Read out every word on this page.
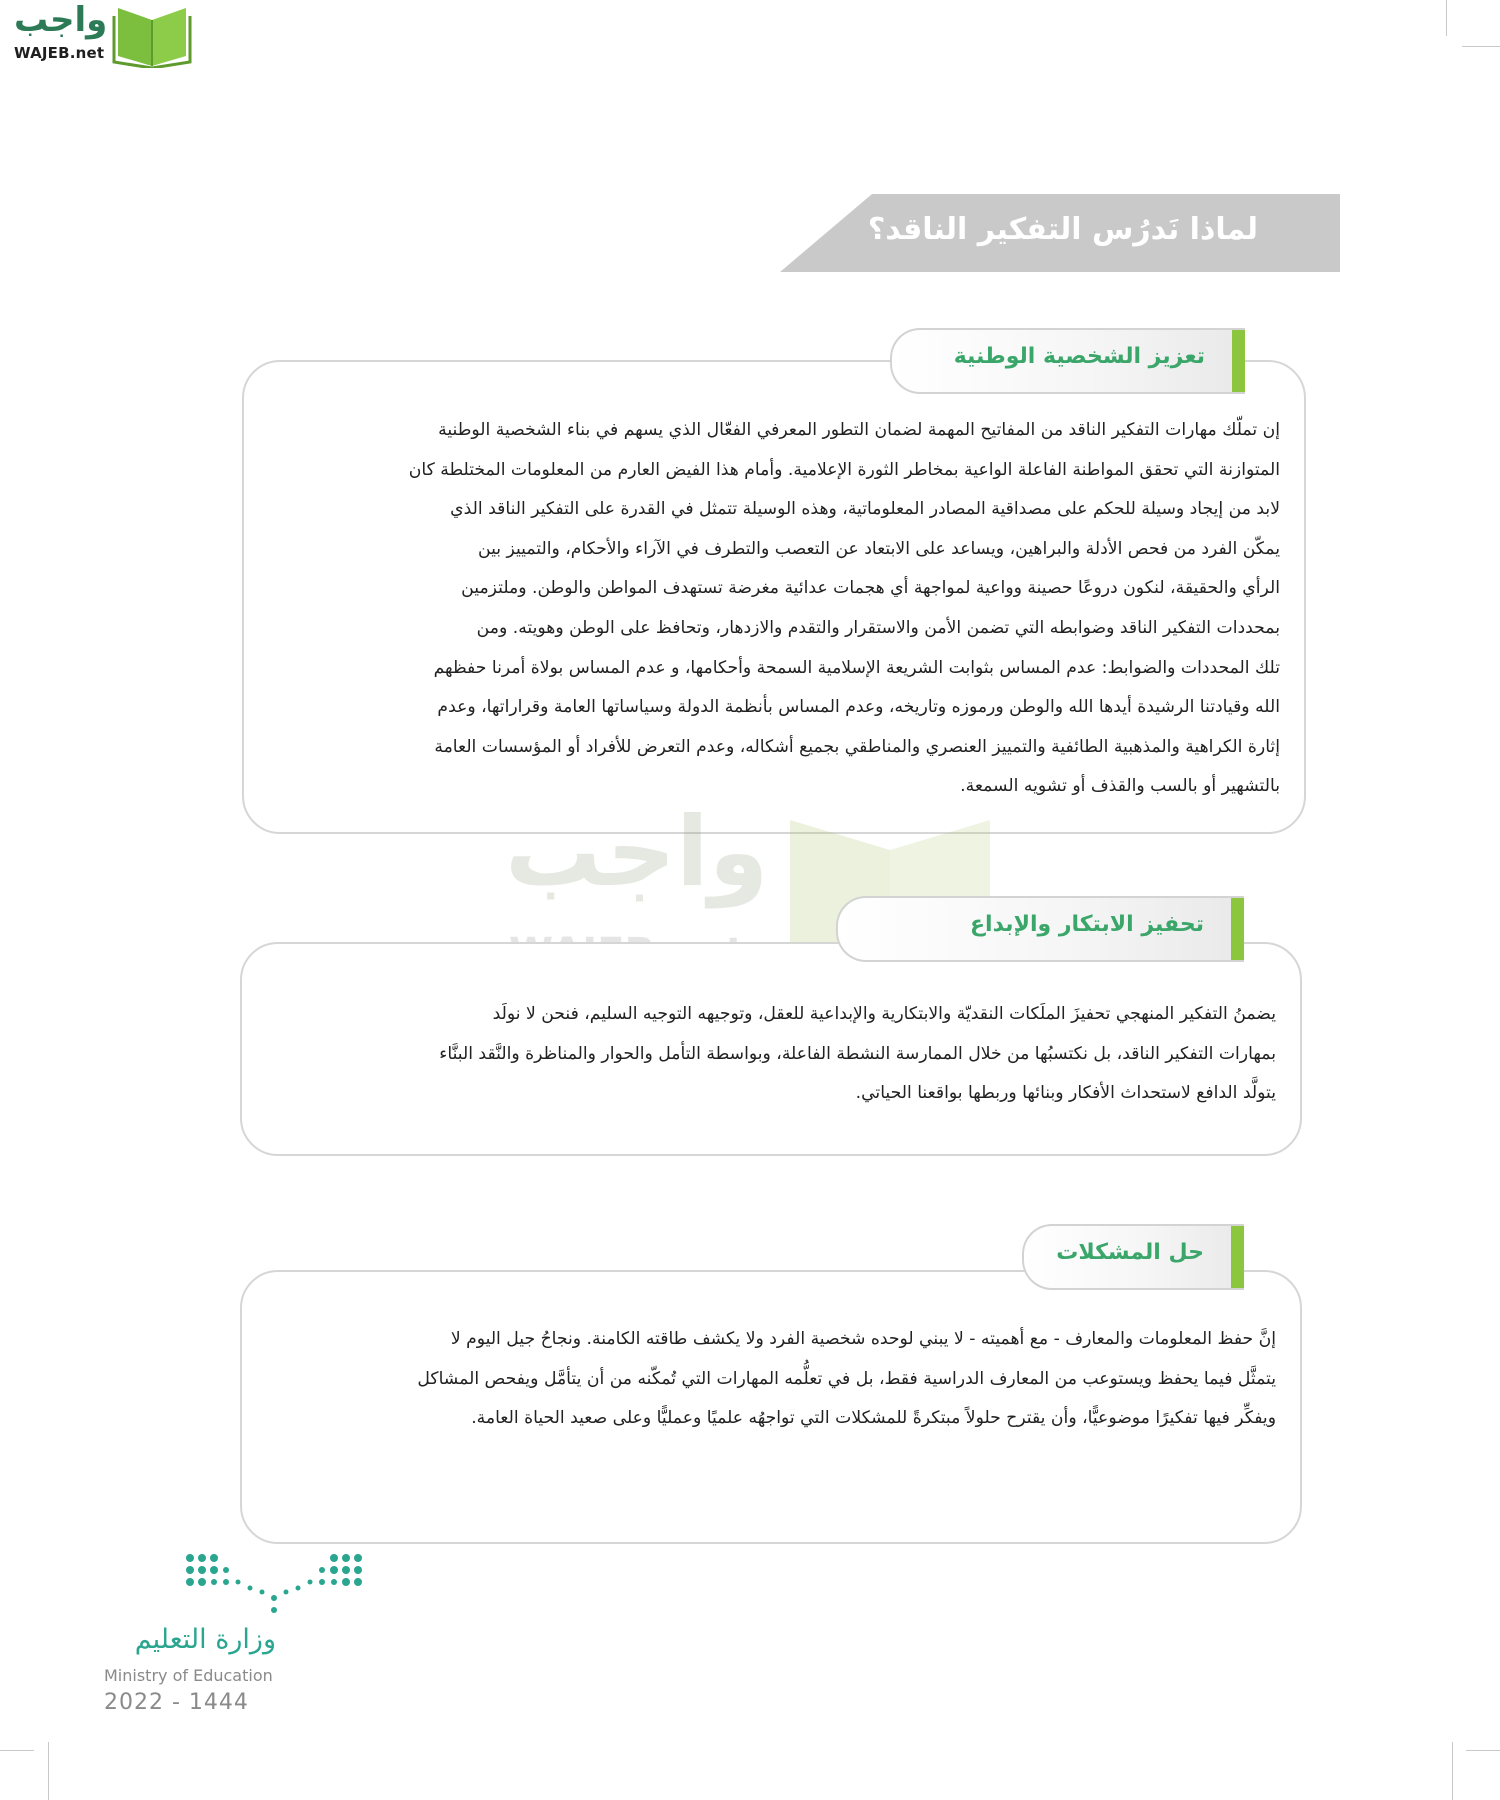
واجب
WAJEB.net
لماذا نَدرُس التفكير الناقد؟
تعزيز الشخصية الوطنية
إن تملّك مهارات التفكير الناقد من المفاتيح المهمة لضمان التطور المعرفي الفعّال الذي يسهم في بناء الشخصية الوطنية
المتوازنة التي تحقق المواطنة الفاعلة الواعية بمخاطر الثورة الإعلامية. وأمام هذا الفيض العارم من المعلومات المختلطة كان
لابد من إيجاد وسيلة للحكم على مصداقية المصادر المعلوماتية، وهذه الوسيلة تتمثل في القدرة على التفكير الناقد الذي
يمكّن الفرد من فحص الأدلة والبراهين، ويساعد على الابتعاد عن التعصب والتطرف في الآراء والأحكام، والتمييز بين
الرأي والحقيقة، لنكون دروعًا حصينة وواعية لمواجهة أي هجمات عدائية مغرضة تستهدف المواطن والوطن. وملتزمين
بمحددات التفكير الناقد وضوابطه التي تضمن الأمن والاستقرار والتقدم والازدهار، وتحافظ على الوطن وهويته. ومن
تلك المحددات والضوابط: عدم المساس بثوابت الشريعة الإسلامية السمحة وأحكامها، و عدم المساس بولاة أمرنا حفظهم
الله وقيادتنا الرشيدة أيدها الله والوطن ورموزه وتاريخه، وعدم المساس بأنظمة الدولة وسياساتها العامة وقراراتها، وعدم
إثارة الكراهية والمذهبية الطائفية والتمييز العنصري والمناطقي بجميع أشكاله، وعدم التعرض للأفراد أو المؤسسات العامة
بالتشهير أو بالسب والقذف أو تشويه السمعة.
واجب
تحفيز الابتكار والإبداع
يضمنُ التفكير المنهجي تحفيزَ الملَكات النقديّة والابتكارية والإبداعية للعقل، وتوجيهه التوجيه السليم، فنحن لا نولَد
بمهارات التفكير الناقد، بل نكتسبُها من خلال الممارسة النشطة الفاعلة، وبواسطة التأمل والحوار والمناظرة والنَّقد البنَّاء
يتولَّد الدافع لاستحداث الأفكار وبنائها وربطها بواقعنا الحياتي.
حل المشكلات
إنَّ حفظ المعلومات والمعارف - مع أهميته - لا يبني لوحده شخصية الفرد ولا يكشف طاقته الكامنة. ونجاحُ جيل اليوم لا
يتمثَّل فيما يحفظ ويستوعب من المعارف الدراسية فقط، بل في تعلُّمه المهارات التي تُمكّنه من أن يتأمَّل ويفحص المشاكل
ويفكِّر فيها تفكيرًا موضوعيًّا، وأن يقترح حلولاً مبتكرةً للمشكلات التي تواجهُه علميًا وعمليًّا وعلى صعيد الحياة العامة.
وزارة التعليم
Ministry of Education
2022 - 1444
